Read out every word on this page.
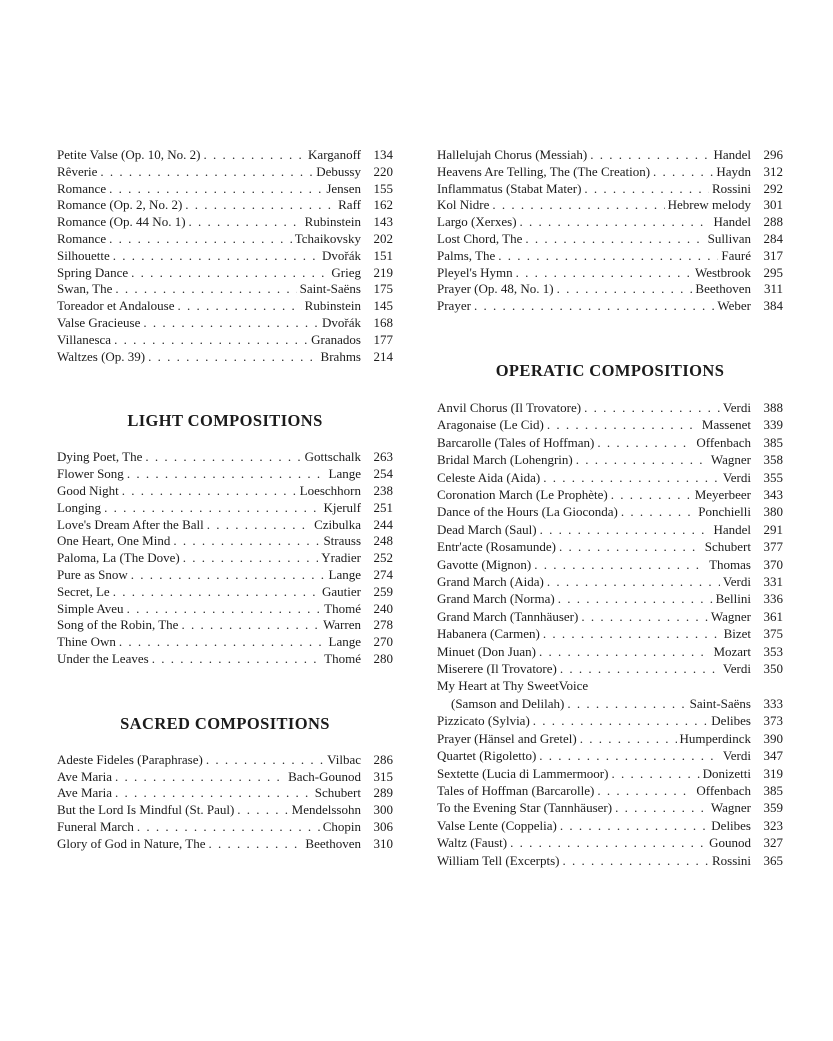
Petite Valse (Op. 10, No. 2) . . .	Karganoff 134
Rêverie . . .	Debussy 220
Romance . . .	Jensen 155
Romance (Op. 2, No. 2) . . .	Raff 162
Romance (Op. 44 No. 1) . . .	Rubinstein 143
Romance . . .	Tchaikovsky 202
Silhouette . . .	Dvořák 151
Spring Dance . . .	Grieg 219
Swan, The . . .	Saint-Saëns 175
Toreador et Andalouse . . .	Rubinstein 145
Valse Gracieuse . . .	Dvořák 168
Villanesca . . .	Granados 177
Waltzes (Op. 39) . . .	Brahms 214
LIGHT COMPOSITIONS
Dying Poet, The . . .	Gottschalk 263
Flower Song . . .	Lange 254
Good Night . . .	Loeschhorn 238
Longing . . .	Kjerulf 251
Love's Dream After the Ball . . .	Czibulka 244
One Heart, One Mind . . .	Strauss 248
Paloma, La (The Dove) . . .	Yradier 252
Pure as Snow . . .	Lange 274
Secret, Le . . .	Gautier 259
Simple Aveu . . .	Thomé 240
Song of the Robin, The . . .	Warren 278
Thine Own . . .	Lange 270
Under the Leaves . . .	Thomé 280
SACRED COMPOSITIONS
Adeste Fideles (Paraphrase) . . .	Vilbac 286
Ave Maria . . .	Bach-Gounod 315
Ave Maria . . .	Schubert 289
But the Lord Is Mindful (St. Paul) . . .	Mendelssohn 300
Funeral March . . .	Chopin 306
Glory of God in Nature, The . . .	Beethoven 310
Hallelujah Chorus (Messiah) . . .	Handel 296
Heavens Are Telling, The (The Creation) . . .	Haydn 312
Inflammatus (Stabat Mater) . . .	Rossini 292
Kol Nidre . . .	Hebrew melody 301
Largo (Xerxes) . . .	Handel 288
Lost Chord, The . . .	Sullivan 284
Palms, The . . .	Fauré 317
Pleyel's Hymn . . .	Westbrook 295
Prayer (Op. 48, No. 1) . . .	Beethoven 311
Prayer . . .	Weber 384
OPERATIC COMPOSITIONS
Anvil Chorus (Il Trovatore) . . .	Verdi 388
Aragonaise (Le Cid) . . .	Massenet 339
Barcarolle (Tales of Hoffman) . . .	Offenbach 385
Bridal March (Lohengrin) . . .	Wagner 358
Celeste Aida (Aida) . . .	Verdi 355
Coronation March (Le Prophète) . . .	Meyerbeer 343
Dance of the Hours (La Gioconda) . . .	Ponchielli 380
Dead March (Saul) . . .	Handel 291
Entr'acte (Rosamunde) . . .	Schubert 377
Gavotte (Mignon) . . .	Thomas 370
Grand March (Aida) . . .	Verdi 331
Grand March (Norma) . . .	Bellini 336
Grand March (Tannhäuser) . . .	Wagner 361
Habanera (Carmen) . . .	Bizet 375
Minuet (Don Juan) . . .	Mozart 353
Miserere (Il Trovatore) . . .	Verdi 350
My Heart at Thy SweetVoice
(Samson and Delilah) . . .	Saint-Saëns 333
Pizzicato (Sylvia) . . .	Delibes 373
Prayer (Hänsel and Gretel) . . .	Humperdinck 390
Quartet (Rigoletto) . . .	Verdi 347
Sextette (Lucia di Lammermoor) . . .	Donizetti 319
Tales of Hoffman (Barcarolle) . . .	Offenbach 385
To the Evening Star (Tannhäuser) . . .	Wagner 359
Valse Lente (Coppelia) . . .	Delibes 323
Waltz (Faust) . . .	Gounod 327
William Tell (Excerpts) . . .	Rossini 365
